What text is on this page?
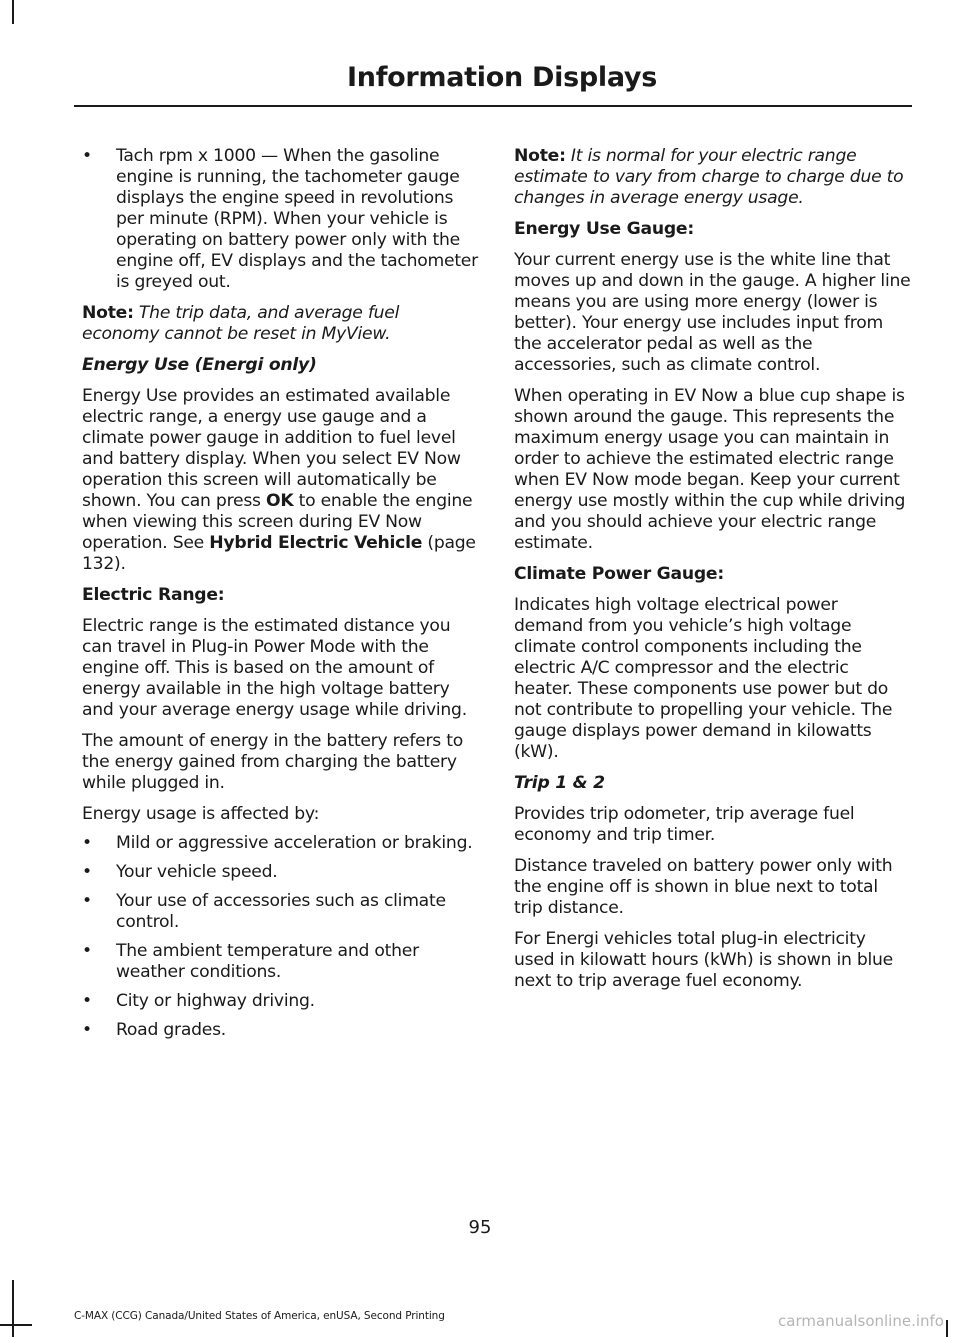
Information Displays
•	Tach rpm x 1000 — When the gasoline engine is running, the tachometer gauge displays the engine speed in revolutions per minute (RPM). When your vehicle is operating on battery power only with the engine off, EV displays and the tachometer is greyed out.

Note: The trip data, and average fuel economy cannot be reset in MyView.

Energy Use (Energi only)

Energy Use provides an estimated available electric range, a energy use gauge and a climate power gauge in addition to fuel level and battery display. When you select EV Now operation this screen will automatically be shown. You can press OK to enable the engine when viewing this screen during EV Now operation. See Hybrid Electric Vehicle (page 132).

Electric Range:

Electric range is the estimated distance you can travel in Plug-in Power Mode with the engine off. This is based on the amount of energy available in the high voltage battery and your average energy usage while driving.

The amount of energy in the battery refers to the energy gained from charging the battery while plugged in.

Energy usage is affected by:

•	Mild or aggressive acceleration or braking.
•	Your vehicle speed.
•	Your use of accessories such as climate control.
•	The ambient temperature and other weather conditions.
•	City or highway driving.
•	Road grades.

Note: It is normal for your electric range estimate to vary from charge to charge due to changes in average energy usage.

Energy Use Gauge:

Your current energy use is the white line that moves up and down in the gauge. A higher line means you are using more energy (lower is better). Your energy use includes input from the accelerator pedal as well as the accessories, such as climate control.

When operating in EV Now a blue cup shape is shown around the gauge. This represents the maximum energy usage you can maintain in order to achieve the estimated electric range when EV Now mode began. Keep your current energy use mostly within the cup while driving and you should achieve your electric range estimate.

Climate Power Gauge:

Indicates high voltage electrical power demand from you vehicle’s high voltage climate control components including the electric A/C compressor and the electric heater. These components use power but do not contribute to propelling your vehicle. The gauge displays power demand in kilowatts (kW).

Trip 1 & 2

Provides trip odometer, trip average fuel economy and trip timer.

Distance traveled on battery power only with the engine off is shown in blue next to total trip distance.

For Energi vehicles total plug-in electricity used in kilowatt hours (kWh) is shown in blue next to trip average fuel economy.

95
C-MAX (CCG) Canada/United States of America, enUSA, Second Printing	carmanualsonline.info
